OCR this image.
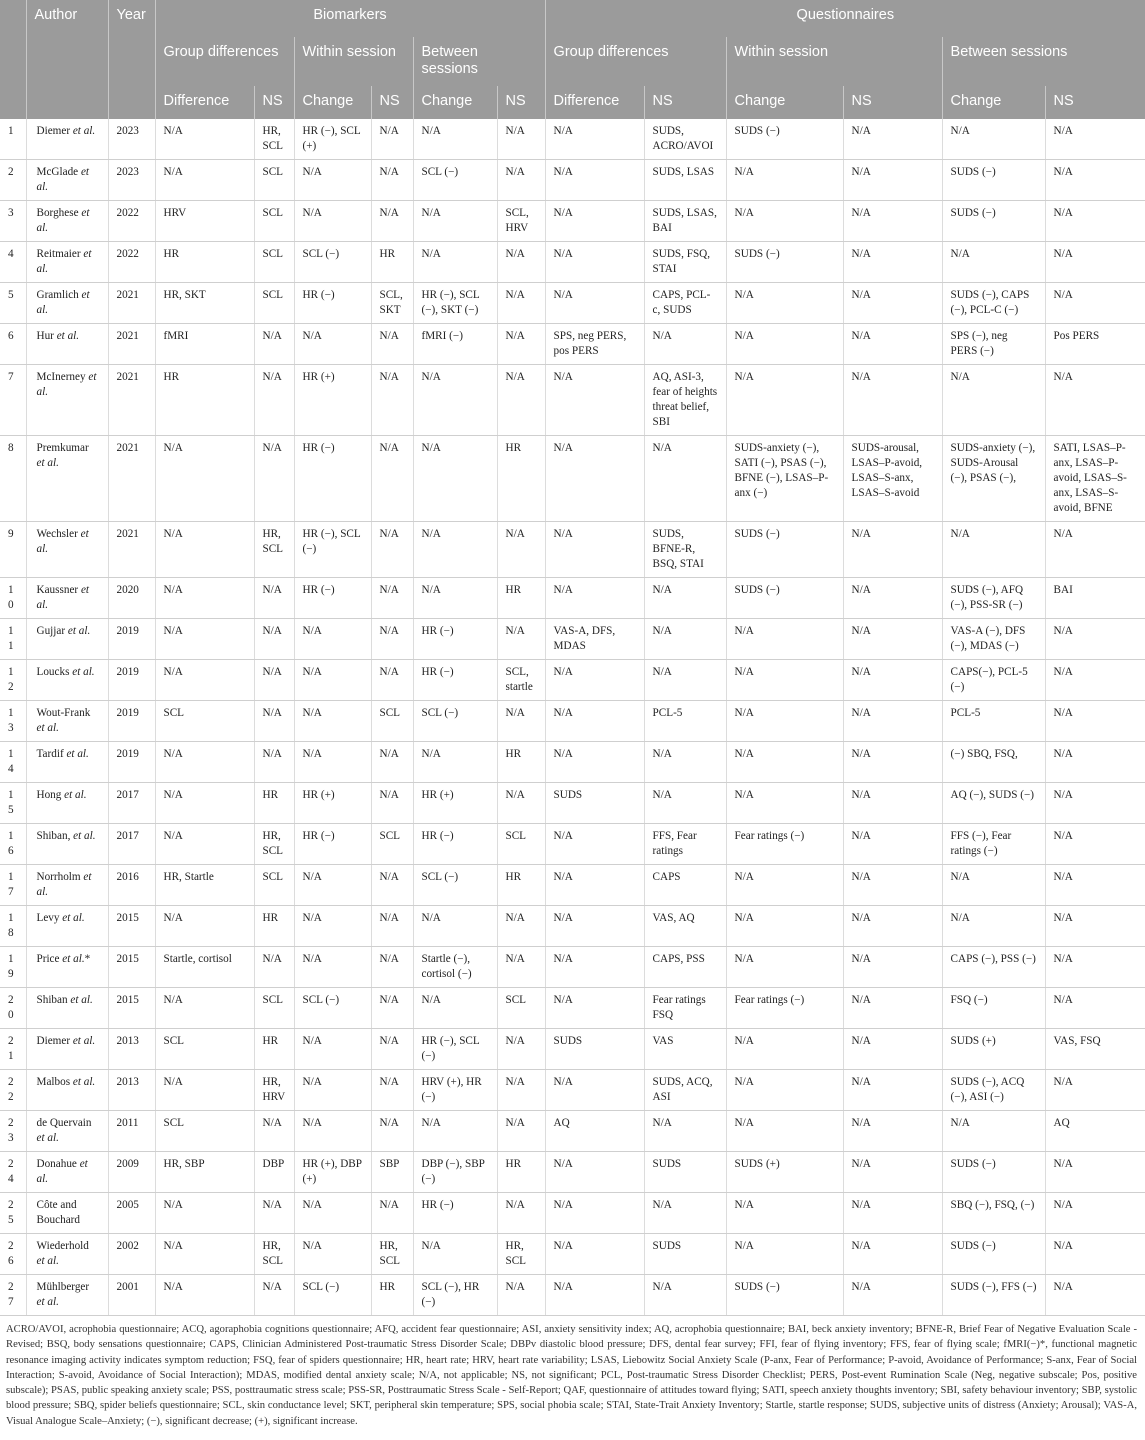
	Author	Year	Biomarkers						Questionnaires					
			Group differences		Within session		Between sessions		Group differences		Within session		Between sessions	
			Difference	NS	Change	NS	Change	NS	Difference	NS	Change	NS	Change	NS
1	Diemer et al.	2023	N/A	HR, SCL	HR (−), SCL (+)	N/A	N/A	N/A	N/A	SUDS, ACRO/AVOI	SUDS (−)	N/A	N/A	N/A
2	McGlade et al.	2023	N/A	SCL	N/A	N/A	SCL (−)	N/A	N/A	SUDS, LSAS	N/A	N/A	SUDS (−)	N/A
3	Borghese et al.	2022	HRV	SCL	N/A	N/A	N/A	SCL, HRV	N/A	SUDS, LSAS, BAI	N/A	N/A	SUDS (−)	N/A
4	Reitmaier et al.	2022	HR	SCL	SCL (−)	HR	N/A	N/A	N/A	SUDS, FSQ, STAI	SUDS (−)	N/A	N/A	N/A
5	Gramlich et al.	2021	HR, SKT	SCL	HR (−)	SCL, SKT	HR (−), SCL (−), SKT (−)	N/A	N/A	CAPS, PCL-c, SUDS	N/A	N/A	SUDS (−), CAPS (−), PCL-C (−)	N/A
6	Hur et al.	2021	fMRI	N/A	N/A	N/A	fMRI (−)	N/A	SPS, neg PERS, pos PERS	N/A	N/A	N/A	SPS (−), neg PERS (−)	Pos PERS
7	McInerney et al.	2021	HR	N/A	HR (+)	N/A	N/A	N/A	N/A	AQ, ASI-3, fear of heights threat belief, SBI	N/A	N/A	N/A	N/A
8	Premkumar et al.	2021	N/A	N/A	HR (−)	N/A	N/A	HR	N/A	N/A	SUDS-anxiety (−), SATI (−), PSAS (−), BFNE (−), LSAS–P-anx (−)	SUDS-arousal, LSAS–P-avoid, LSAS–S-anx, LSAS–S-avoid	SUDS-anxiety (−), SUDS-Arousal (−), PSAS (−),	SATI, LSAS–P-anx, LSAS–P-avoid, LSAS–S-anx, LSAS–S-avoid, BFNE
9	Wechsler et al.	2021	N/A	HR, SCL	HR (−), SCL (−)	N/A	N/A	N/A	N/A	SUDS, BFNE-R, BSQ, STAI	SUDS (−)	N/A	N/A	N/A
10	Kaussner et al.	2020	N/A	N/A	HR (−)	N/A	N/A	HR	N/A	N/A	SUDS (−)	N/A	SUDS (−), AFQ (−), PSS-SR (−)	BAI
11	Gujjar et al.	2019	N/A	N/A	N/A	N/A	HR (−)	N/A	VAS-A, DFS, MDAS	N/A	N/A	N/A	VAS-A (−), DFS (−), MDAS (−)	N/A
12	Loucks et al.	2019	N/A	N/A	N/A	N/A	HR (−)	SCL, startle	N/A	N/A	N/A	N/A	CAPS(−), PCL-5 (−)	N/A
13	Wout-Frank et al.	2019	SCL	N/A	N/A	SCL	SCL (−)	N/A	N/A	PCL-5	N/A	N/A	PCL-5	N/A
14	Tardif et al.	2019	N/A	N/A	N/A	N/A	N/A	HR	N/A	N/A	N/A	N/A	(−) SBQ, FSQ,	N/A
15	Hong et al.	2017	N/A	HR	HR (+)	N/A	HR (+)	N/A	SUDS	N/A	N/A	N/A	AQ (−), SUDS (−)	N/A
16	Shiban, et al.	2017	N/A	HR, SCL	HR (−)	SCL	HR (−)	SCL	N/A	FFS, Fear ratings	Fear ratings (−)	N/A	FFS (−), Fear ratings (−)	N/A
17	Norrholm et al.	2016	HR, Startle	SCL	N/A	N/A	SCL (−)	HR	N/A	CAPS	N/A	N/A	N/A	N/A
18	Levy et al.	2015	N/A	HR	N/A	N/A	N/A	N/A	N/A	VAS, AQ	N/A	N/A	N/A	N/A
19	Price et al.*	2015	Startle, cortisol	N/A	N/A	N/A	Startle (−), cortisol (−)	N/A	N/A	CAPS, PSS	N/A	N/A	CAPS (−), PSS (−)	N/A
20	Shiban et al.	2015	N/A	SCL	SCL (−)	N/A	N/A	SCL	N/A	Fear ratings FSQ	Fear ratings (−)	N/A	FSQ (−)	N/A
21	Diemer et al.	2013	SCL	HR	N/A	N/A	HR (−), SCL (−)	N/A	SUDS	VAS	N/A	N/A	SUDS (+)	VAS, FSQ
22	Malbos et al.	2013	N/A	HR, HRV	N/A	N/A	HRV (+), HR (−)	N/A	N/A	SUDS, ACQ, ASI	N/A	N/A	SUDS (−), ACQ (−), ASI (−)	N/A
23	de Quervain et al.	2011	SCL	N/A	N/A	N/A	N/A	N/A	AQ	N/A	N/A	N/A	N/A	AQ
24	Donahue et al.	2009	HR, SBP	DBP	HR (+), DBP (+)	SBP	DBP (−), SBP (−)	HR	N/A	SUDS	SUDS (+)	N/A	SUDS (−)	N/A
25	Côte and Bouchard	2005	N/A	N/A	N/A	N/A	HR (−)	N/A	N/A	N/A	N/A	N/A	SBQ (−), FSQ, (−)	N/A
26	Wiederhold et al.	2002	N/A	HR, SCL	N/A	HR, SCL	N/A	HR, SCL	N/A	SUDS	N/A	N/A	SUDS (−)	N/A
27	Mühlberger et al.	2001	N/A	N/A	SCL (−)	HR	SCL (−), HR (−)	N/A	N/A	N/A	SUDS (−)	N/A	SUDS (−), FFS (−)	N/A
ACRO/AVOI, acrophobia questionnaire; ACQ, agoraphobia cognitions questionnaire; AFQ, accident fear questionnaire; ASI, anxiety sensitivity index; AQ, acrophobia questionnaire; BAI, beck anxiety inventory; BFNE-R, Brief Fear of Negative Evaluation Scale - Revised; BSQ, body sensations questionnaire; CAPS, Clinician Administered Post-traumatic Stress Disorder Scale; DBPv diastolic blood pressure; DFS, dental fear survey; FFI, fear of flying inventory; FFS, fear of flying scale; fMRI(−)*, functional magnetic resonance imaging activity indicates symptom reduction; FSQ, fear of spiders questionnaire; HR, heart rate; HRV, heart rate variability; LSAS, Liebowitz Social Anxiety Scale (P-anx, Fear of Performance; P-avoid, Avoidance of Performance; S-anx, Fear of Social Interaction; S-avoid, Avoidance of Social Interaction); MDAS, modified dental anxiety scale; N/A, not applicable; NS, not significant; PCL, Post-traumatic Stress Disorder Checklist; PERS, Post-event Rumination Scale (Neg, negative subscale; Pos, positive subscale); PSAS, public speaking anxiety scale; PSS, posttraumatic stress scale; PSS-SR, Posttraumatic Stress Scale - Self-Report; QAF, questionnaire of attitudes toward flying; SATI, speech anxiety thoughts inventory; SBI, safety behaviour inventory; SBP, systolic blood pressure; SBQ, spider beliefs questionnaire; SCL, skin conductance level; SKT, peripheral skin temperature; SPS, social phobia scale; STAI, State-Trait Anxiety Inventory; Startle, startle response; SUDS, subjective units of distress (Anxiety; Arousal); VAS-A, Visual Analogue Scale–Anxiety; (−), significant decrease; (+), significant increase.
